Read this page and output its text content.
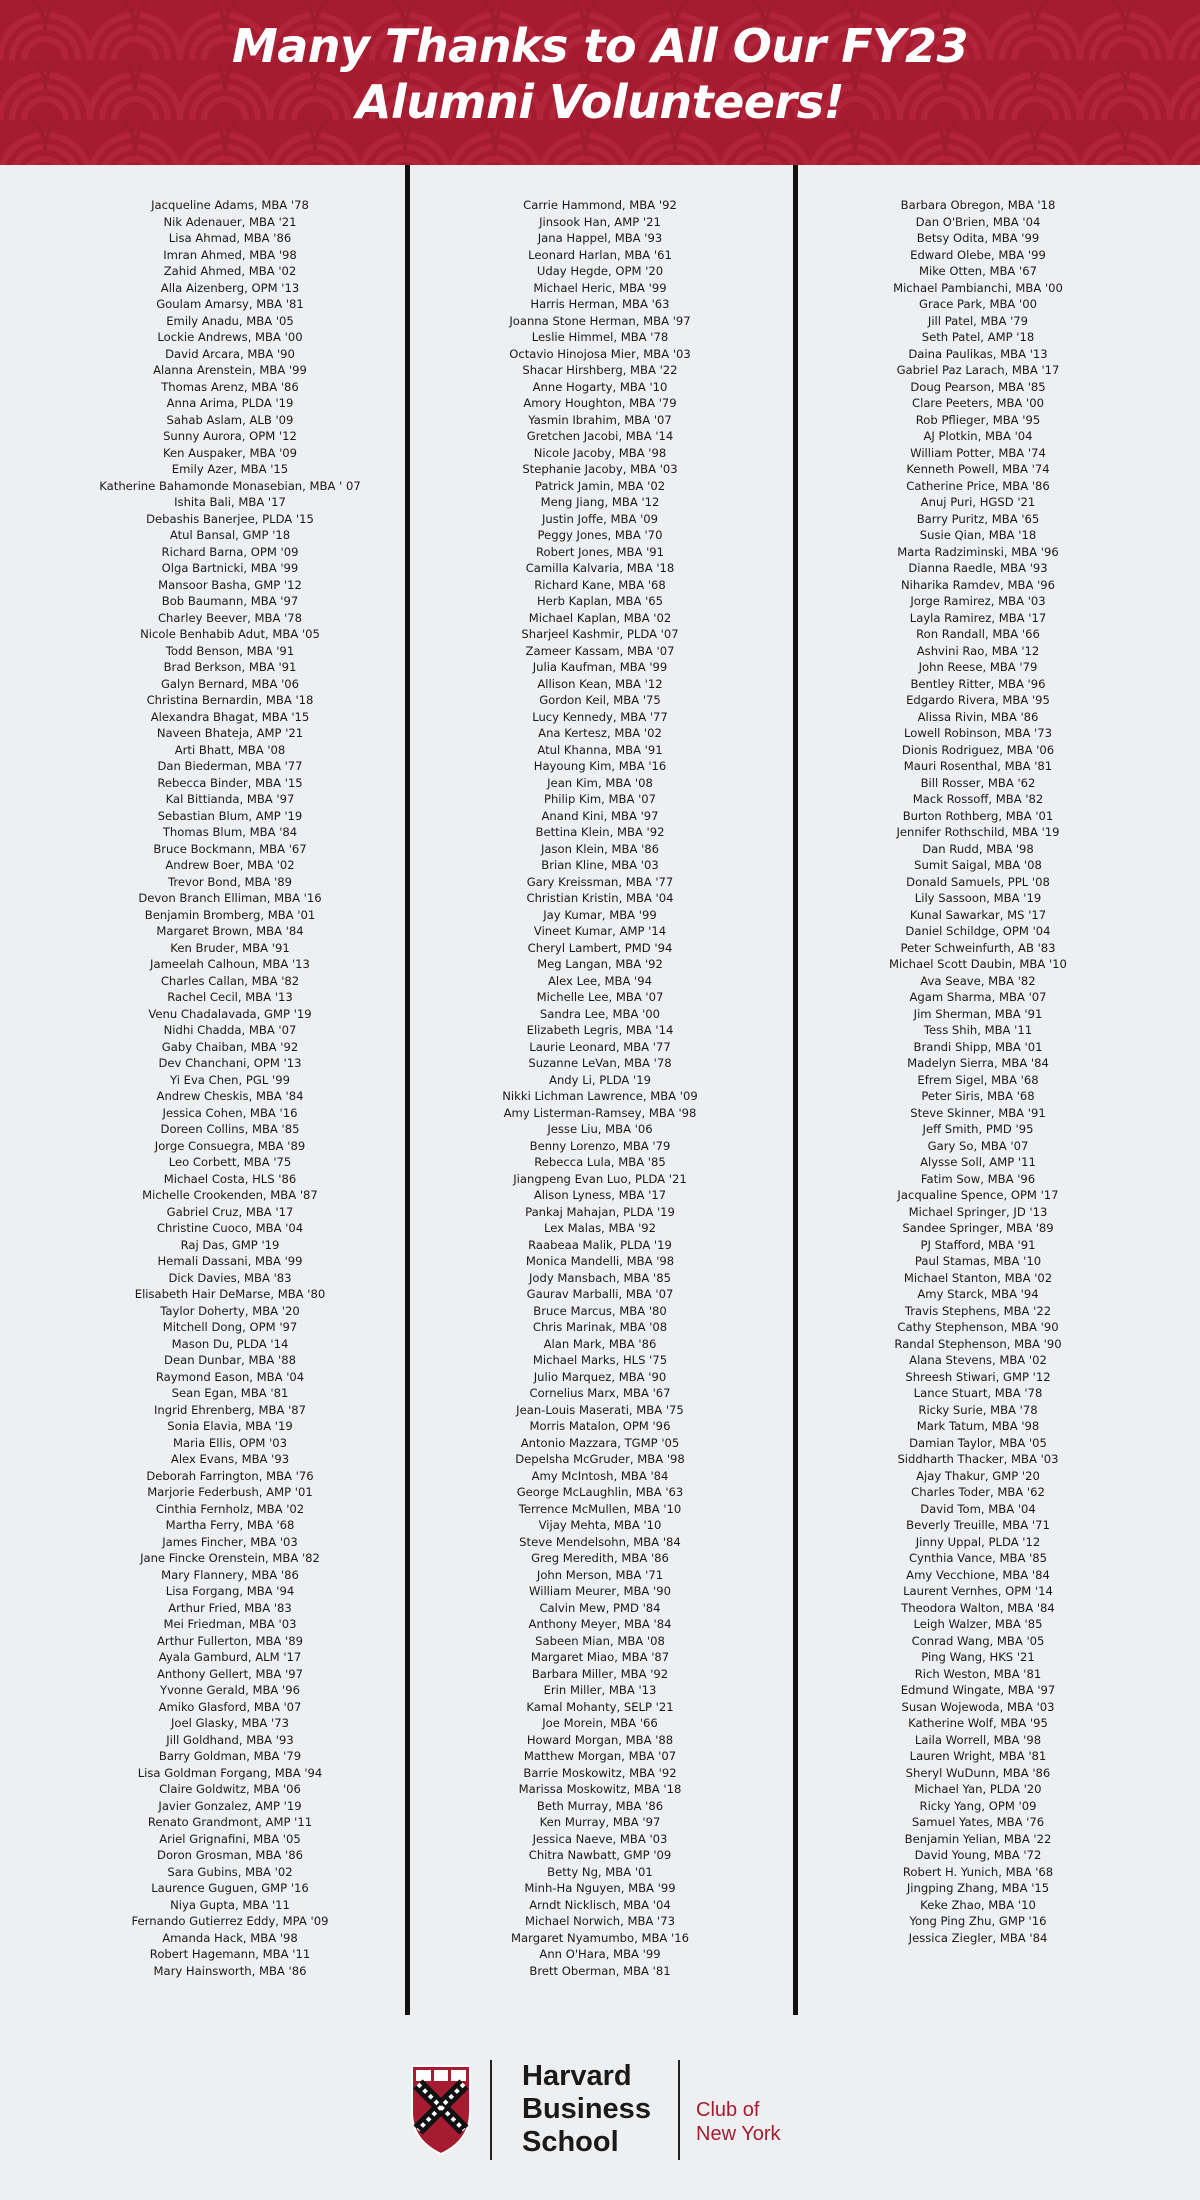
Many Thanks to All Our FY23
Alumni Volunteers!
Jacqueline Adams, MBA '78
Nik Adenauer, MBA '21
Lisa Ahmad, MBA '86
Imran Ahmed, MBA '98
Zahid Ahmed, MBA '02
Alla Aizenberg, OPM '13
Goulam Amarsy, MBA '81
Emily Anadu, MBA '05
Lockie Andrews, MBA '00
David Arcara, MBA '90
Alanna Arenstein, MBA '99
Thomas Arenz, MBA '86
Anna Arima, PLDA '19
Sahab Aslam, ALB '09
Sunny Aurora, OPM '12
Ken Auspaker, MBA '09
Emily Azer, MBA '15
Katherine Bahamonde Monasebian, MBA ' 07
Ishita Bali, MBA '17
Debashis Banerjee, PLDA '15
Atul Bansal, GMP '18
Richard Barna, OPM '09
Olga Bartnicki, MBA '99
Mansoor Basha, GMP '12
Bob Baumann, MBA '97
Charley Beever, MBA '78
Nicole Benhabib Adut, MBA '05
Todd Benson, MBA '91
Brad Berkson, MBA '91
Galyn Bernard, MBA '06
Christina Bernardin, MBA '18
Alexandra Bhagat, MBA '15
Naveen Bhateja, AMP '21
Arti Bhatt, MBA '08
Dan Biederman, MBA '77
Rebecca Binder, MBA '15
Kal Bittianda, MBA '97
Sebastian Blum, AMP '19
Thomas Blum, MBA '84
Bruce Bockmann, MBA '67
Andrew Boer, MBA '02
Trevor Bond, MBA '89
Devon Branch Elliman, MBA '16
Benjamin Bromberg, MBA '01
Margaret Brown, MBA '84
Ken Bruder, MBA '91
Jameelah Calhoun, MBA '13
Charles Callan, MBA '82
Rachel Cecil, MBA '13
Venu Chadalavada, GMP '19
Nidhi Chadda, MBA '07
Gaby Chaiban, MBA '92
Dev Chanchani, OPM '13
Yi Eva Chen, PGL '99
Andrew Cheskis, MBA '84
Jessica Cohen, MBA '16
Doreen Collins, MBA '85
Jorge Consuegra, MBA '89
Leo Corbett, MBA '75
Michael Costa, HLS '86
Michelle Crookenden, MBA '87
Gabriel Cruz, MBA '17
Christine Cuoco, MBA '04
Raj Das, GMP '19
Hemali Dassani, MBA '99
Dick Davies, MBA '83
Elisabeth Hair DeMarse, MBA '80
Taylor Doherty, MBA '20
Mitchell Dong, OPM '97
Mason Du, PLDA '14
Dean Dunbar, MBA '88
Raymond Eason, MBA '04
Sean Egan, MBA '81
Ingrid Ehrenberg, MBA '87
Sonia Elavia, MBA '19
Maria Ellis, OPM '03
Alex Evans, MBA '93
Deborah Farrington, MBA '76
Marjorie Federbush, AMP '01
Cinthia Fernholz, MBA '02
Martha Ferry, MBA '68
James Fincher, MBA '03
Jane Fincke Orenstein, MBA '82
Mary Flannery, MBA '86
Lisa Forgang, MBA '94
Arthur Fried, MBA '83
Mei Friedman, MBA '03
Arthur Fullerton, MBA '89
Ayala Gamburd, ALM '17
Anthony Gellert, MBA '97
Yvonne Gerald, MBA '96
Amiko Glasford, MBA '07
Joel Glasky, MBA '73
Jill Goldhand, MBA '93
Barry Goldman, MBA '79
Lisa Goldman Forgang, MBA '94
Claire Goldwitz, MBA '06
Javier Gonzalez, AMP '19
Renato Grandmont, AMP '11
Ariel Grignafini, MBA '05
Doron Grosman, MBA '86
Sara Gubins, MBA '02
Laurence Guguen, GMP '16
Niya Gupta, MBA '11
Fernando Gutierrez Eddy, MPA '09
Amanda Hack, MBA '98
Robert Hagemann, MBA '11
Mary Hainsworth, MBA '86
Carrie Hammond, MBA '92
Jinsook Han, AMP '21
Jana Happel, MBA '93
Leonard Harlan, MBA '61
Uday Hegde, OPM '20
Michael Heric, MBA '99
Harris Herman, MBA '63
Joanna Stone Herman, MBA '97
Leslie Himmel, MBA '78
Octavio Hinojosa Mier, MBA '03
Shacar Hirshberg, MBA '22
Anne Hogarty, MBA '10
Amory Houghton, MBA '79
Yasmin Ibrahim, MBA '07
Gretchen Jacobi, MBA '14
Nicole Jacoby, MBA '98
Stephanie Jacoby, MBA '03
Patrick Jamin, MBA '02
Meng Jiang, MBA '12
Justin Joffe, MBA '09
Peggy Jones, MBA '70
Robert Jones, MBA '91
Camilla Kalvaria, MBA '18
Richard Kane, MBA '68
Herb Kaplan, MBA '65
Michael Kaplan, MBA '02
Sharjeel Kashmir, PLDA '07
Zameer Kassam, MBA '07
Julia Kaufman, MBA '99
Allison Kean, MBA '12
Gordon Keil, MBA '75
Lucy Kennedy, MBA '77
Ana Kertesz, MBA '02
Atul Khanna, MBA '91
Hayoung Kim, MBA '16
Jean Kim, MBA '08
Philip Kim, MBA '07
Anand Kini, MBA '97
Bettina Klein, MBA '92
Jason Klein, MBA '86
Brian Kline, MBA '03
Gary Kreissman, MBA '77
Christian Kristin, MBA '04
Jay Kumar, MBA '99
Vineet Kumar, AMP '14
Cheryl Lambert, PMD '94
Meg Langan, MBA '92
Alex Lee, MBA '94
Michelle Lee, MBA '07
Sandra Lee, MBA '00
Elizabeth Legris, MBA '14
Laurie Leonard, MBA '77
Suzanne LeVan, MBA '78
Andy Li, PLDA '19
Nikki Lichman Lawrence, MBA '09
Amy Listerman-Ramsey, MBA '98
Jesse Liu, MBA '06
Benny Lorenzo, MBA '79
Rebecca Lula, MBA '85
Jiangpeng Evan Luo, PLDA '21
Alison Lyness, MBA '17
Pankaj Mahajan, PLDA '19
Lex Malas, MBA '92
Raabeaa Malik, PLDA '19
Monica Mandelli, MBA '98
Jody Mansbach, MBA '85
Gaurav Marballi, MBA '07
Bruce Marcus, MBA '80
Chris Marinak, MBA '08
Alan Mark, MBA '86
Michael Marks, HLS '75
Julio Marquez, MBA '90
Cornelius Marx, MBA '67
Jean-Louis Maserati, MBA '75
Morris Matalon, OPM '96
Antonio Mazzara, TGMP '05
Depelsha McGruder, MBA '98
Amy McIntosh, MBA '84
George McLaughlin, MBA '63
Terrence McMullen, MBA '10
Vijay Mehta, MBA '10
Steve Mendelsohn, MBA '84
Greg Meredith, MBA '86
John Merson, MBA '71
William Meurer, MBA '90
Calvin Mew, PMD '84
Anthony Meyer, MBA '84
Sabeen Mian, MBA '08
Margaret Miao, MBA '87
Barbara Miller, MBA '92
Erin Miller, MBA '13
Kamal Mohanty, SELP '21
Joe Morein, MBA '66
Howard Morgan, MBA '88
Matthew Morgan, MBA '07
Barrie Moskowitz, MBA '92
Marissa Moskowitz, MBA '18
Beth Murray, MBA '86
Ken Murray, MBA '97
Jessica Naeve, MBA '03
Chitra Nawbatt, GMP '09
Betty Ng, MBA '01
Minh-Ha Nguyen, MBA '99
Arndt Nicklisch, MBA '04
Michael Norwich, MBA '73
Margaret Nyamumbo, MBA '16
Ann O'Hara, MBA '99
Brett Oberman, MBA '81
Barbara Obregon, MBA '18
Dan O'Brien, MBA '04
Betsy Odita, MBA '99
Edward Olebe, MBA '99
Mike Otten, MBA '67
Michael Pambianchi, MBA '00
Grace Park, MBA '00
Jill Patel, MBA '79
Seth Patel, AMP '18
Daina Paulikas, MBA '13
Gabriel Paz Larach, MBA '17
Doug Pearson, MBA '85
Clare Peeters, MBA '00
Rob Pflieger, MBA '95
AJ Plotkin, MBA '04
William Potter, MBA '74
Kenneth Powell, MBA '74
Catherine Price, MBA '86
Anuj Puri, HGSD '21
Barry Puritz, MBA '65
Susie Qian, MBA '18
Marta Radziminski, MBA '96
Dianna Raedle, MBA '93
Niharika Ramdev, MBA '96
Jorge Ramirez, MBA '03
Layla Ramirez, MBA '17
Ron Randall, MBA '66
Ashvini Rao, MBA '12
John Reese, MBA '79
Bentley Ritter, MBA '96
Edgardo Rivera, MBA '95
Alissa Rivin, MBA '86
Lowell Robinson, MBA '73
Dionis Rodriguez, MBA '06
Mauri Rosenthal, MBA '81
Bill Rosser, MBA '62
Mack Rossoff, MBA '82
Burton Rothberg, MBA '01
Jennifer Rothschild, MBA '19
Dan Rudd, MBA '98
Sumit Saigal, MBA '08
Donald Samuels, PPL '08
Lily Sassoon, MBA '19
Kunal Sawarkar, MS '17
Daniel Schildge, OPM '04
Peter Schweinfurth, AB '83
Michael Scott Daubin, MBA '10
Ava Seave, MBA '82
Agam Sharma, MBA '07
Jim Sherman, MBA '91
Tess Shih, MBA '11
Brandi Shipp, MBA '01
Madelyn Sierra, MBA '84
Efrem Sigel, MBA '68
Peter Siris, MBA '68
Steve Skinner, MBA '91
Jeff Smith, PMD '95
Gary So, MBA '07
Alysse Soll, AMP '11
Fatim Sow, MBA '96
Jacqualine Spence, OPM '17
Michael Springer, JD '13
Sandee Springer, MBA '89
PJ Stafford, MBA '91
Paul Stamas, MBA '10
Michael Stanton, MBA '02
Amy Starck, MBA '94
Travis Stephens, MBA '22
Cathy Stephenson, MBA '90
Randal Stephenson, MBA '90
Alana Stevens, MBA '02
Shreesh Stiwari, GMP '12
Lance Stuart, MBA '78
Ricky Surie, MBA '78
Mark Tatum, MBA '98
Damian Taylor, MBA '05
Siddharth Thacker, MBA '03
Ajay Thakur, GMP '20
Charles Toder, MBA '62
David Tom, MBA '04
Beverly Treuille, MBA '71
Jinny Uppal, PLDA '12
Cynthia Vance, MBA '85
Amy Vecchione, MBA '84
Laurent Vernhes, OPM '14
Theodora Walton, MBA '84
Leigh Walzer, MBA '85
Conrad Wang, MBA '05
Ping Wang, HKS '21
Rich Weston, MBA '81
Edmund Wingate, MBA '97
Susan Wojewoda, MBA '03
Katherine Wolf, MBA '95
Laila Worrell, MBA '98
Lauren Wright, MBA '81
Sheryl WuDunn, MBA '86
Michael Yan, PLDA '20
Ricky Yang, OPM '09
Samuel Yates, MBA '76
Benjamin Yelian, MBA '22
David Young, MBA '72
Robert H. Yunich, MBA '68
Jingping Zhang, MBA '15
Keke Zhao, MBA '10
Yong Ping Zhu, GMP '16
Jessica Ziegler, MBA '84
Harvard
Business
School
Club of
New York
